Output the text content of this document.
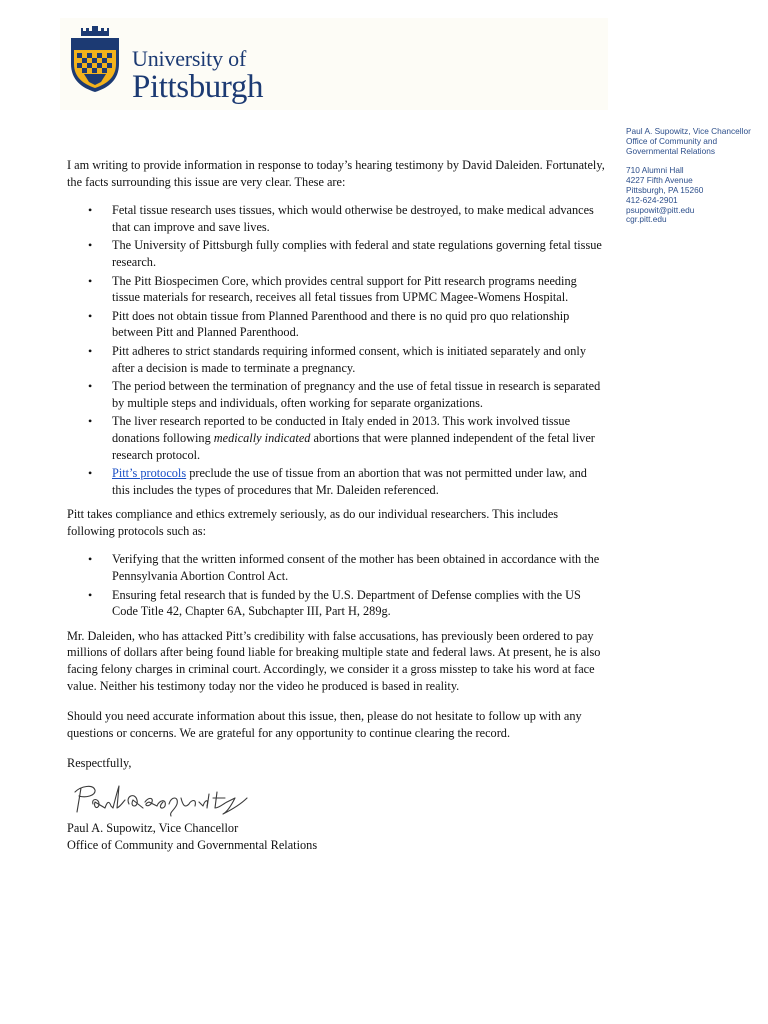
University of
Pittsburgh
Paul A. Supowitz, Vice Chancellor
Office of Community and
Governmental Relations
710 Alumni Hall
4227 Fifth Avenue
Pittsburgh, PA 15260
412-624-2901
psupowit@pitt.edu
cgr.pitt.edu

I am writing to provide information in response to today’s hearing testimony by David Daleiden. Fortunately, the facts surrounding this issue are very clear. These are:

• Fetal tissue research uses tissues, which would otherwise be destroyed, to make medical advances that can improve and save lives.
• The University of Pittsburgh fully complies with federal and state regulations governing fetal tissue research.
• The Pitt Biospecimen Core, which provides central support for Pitt research programs needing tissue materials for research, receives all fetal tissues from UPMC Magee-Womens Hospital.
• Pitt does not obtain tissue from Planned Parenthood and there is no quid pro quo relationship between Pitt and Planned Parenthood.
• Pitt adheres to strict standards requiring informed consent, which is initiated separately and only after a decision is made to terminate a pregnancy.
• The period between the termination of pregnancy and the use of fetal tissue in research is separated by multiple steps and individuals, often working for separate organizations.
• The liver research reported to be conducted in Italy ended in 2013. This work involved tissue donations following medically indicated abortions that were planned independent of the fetal liver research protocol.
• Pitt’s protocols preclude the use of tissue from an abortion that was not permitted under law, and this includes the types of procedures that Mr. Daleiden referenced.

Pitt takes compliance and ethics extremely seriously, as do our individual researchers. This includes following protocols such as:

• Verifying that the written informed consent of the mother has been obtained in accordance with the Pennsylvania Abortion Control Act.
• Ensuring fetal research that is funded by the U.S. Department of Defense complies with the US Code Title 42, Chapter 6A, Subchapter III, Part H, 289g.

Mr. Daleiden, who has attacked Pitt’s credibility with false accusations, has previously been ordered to pay millions of dollars after being found liable for breaking multiple state and federal laws. At present, he is also facing felony charges in criminal court. Accordingly, we consider it a gross misstep to take his word at face value. Neither his testimony today nor the video he produced is based in reality.

Should you need accurate information about this issue, then, please do not hesitate to follow up with any questions or concerns. We are grateful for any opportunity to continue clearing the record.

Respectfully,

Paul A. Supowitz, Vice Chancellor
Office of Community and Governmental Relations
